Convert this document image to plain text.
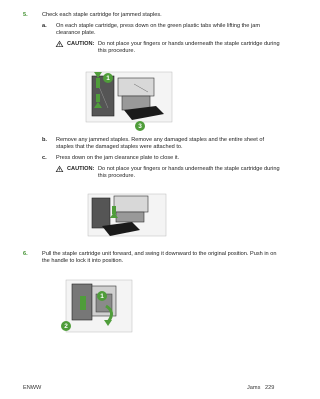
5.	Check each staple cartridge for jammed staples.
a. On each staple cartridge, press down on the green plastic tabs while lifting the jam clearance plate.
CAUTION: Do not place your fingers or hands underneath the staple cartridge during this procedure.
1
3
b. Remove any jammed staples. Remove any damaged staples and the entire sheet of staples that the damaged staples were attached to.
c. Press down on the jam clearance plate to close it.
CAUTION: Do not place your fingers or hands underneath the staple cartridge during this procedure.
6.	Pull the staple cartridge unit forward, and swing it downward to the original position. Push in on the handle to lock it into position.
1
2
ENWW	Jams 229
